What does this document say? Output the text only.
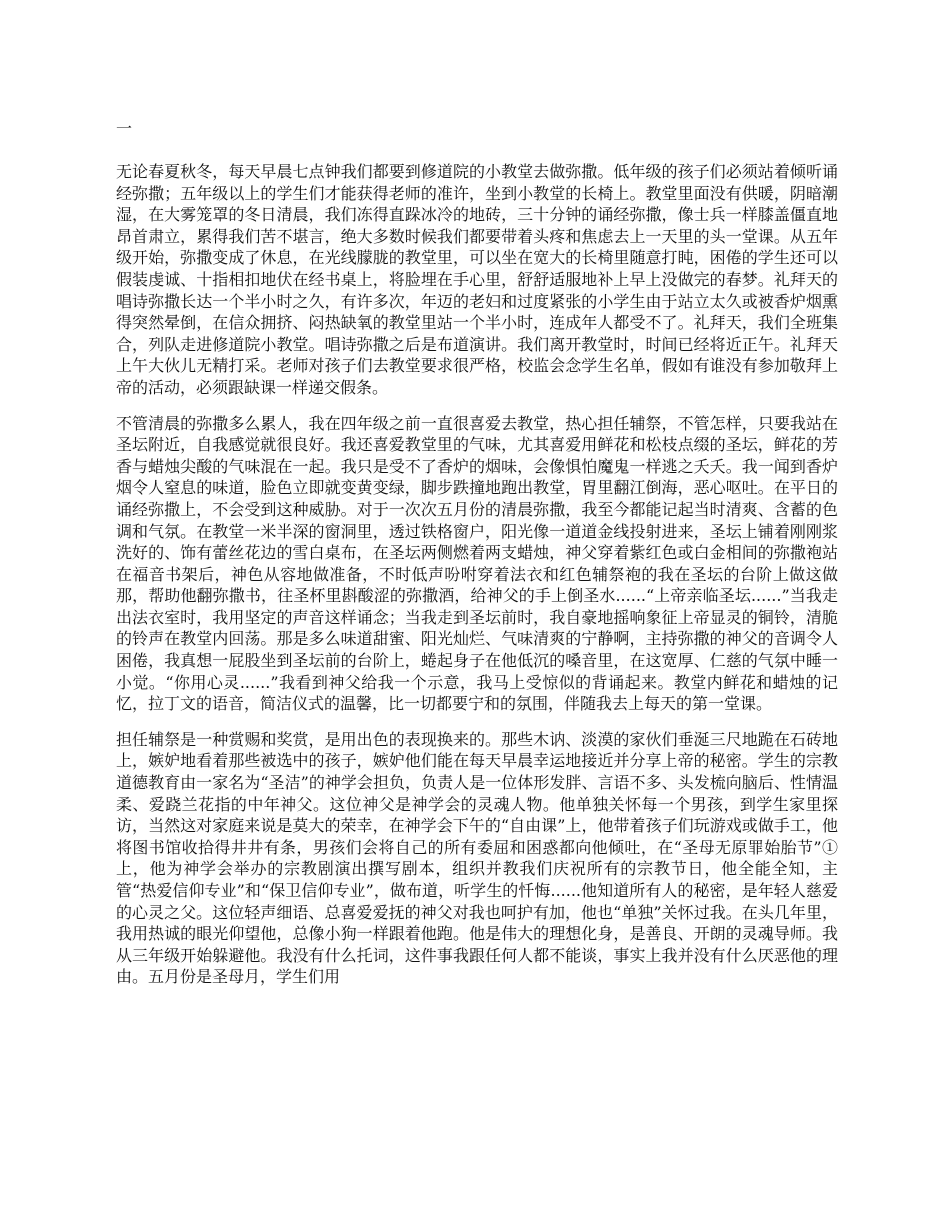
一

无论春夏秋冬，每天早晨七点钟我们都要到修道院的小教堂去做弥撒。低年级的孩子们必须站着倾听诵经弥撒；五年级以上的学生们才能获得老师的准许，坐到小教堂的长椅上。教堂里面没有供暖，阴暗潮湿，在大雾笼罩的冬日清晨，我们冻得直跺冰冷的地砖，三十分钟的诵经弥撒，像士兵一样膝盖僵直地昂首肃立，累得我们苦不堪言，绝大多数时候我们都要带着头疼和焦虑去上一天里的头一堂课。从五年级开始，弥撒变成了休息，在光线朦胧的教堂里，可以坐在宽大的长椅里随意打盹，困倦的学生还可以假装虔诚、十指相扣地伏在经书桌上，将脸埋在手心里，舒舒适服地补上早上没做完的春梦。礼拜天的唱诗弥撒长达一个半小时之久，有许多次，年迈的老妇和过度紧张的小学生由于站立太久或被香炉烟熏得突然晕倒，在信众拥挤、闷热缺氧的教堂里站一个半小时，连成年人都受不了。礼拜天，我们全班集合，列队走进修道院小教堂。唱诗弥撒之后是布道演讲。我们离开教堂时，时间已经将近正午。礼拜天上午大伙儿无精打采。老师对孩子们去教堂要求很严格，校监会念学生名单，假如有谁没有参加敬拜上帝的活动，必须跟缺课一样递交假条。

不管清晨的弥撒多么累人，我在四年级之前一直很喜爱去教堂，热心担任辅祭，不管怎样，只要我站在圣坛附近，自我感觉就很良好。我还喜爱教堂里的气味，尤其喜爱用鲜花和松枝点缀的圣坛，鲜花的芳香与蜡烛尖酸的气味混在一起。我只是受不了香炉的烟味，会像惧怕魔鬼一样逃之夭夭。我一闻到香炉烟令人窒息的味道，脸色立即就变黄变绿，脚步跌撞地跑出教堂，胃里翻江倒海，恶心呕吐。在平日的诵经弥撒上，不会受到这种威胁。对于一次次五月份的清晨弥撒，我至今都能记起当时清爽、含蓄的色调和气氛。在教堂一米半深的窗洞里，透过铁格窗户，阳光像一道道金线投射进来，圣坛上铺着刚刚浆洗好的、饰有蕾丝花边的雪白桌布，在圣坛两侧燃着两支蜡烛，神父穿着紫红色或白金相间的弥撒袍站在福音书架后，神色从容地做准备，不时低声吩咐穿着法衣和红色辅祭袍的我在圣坛的台阶上做这做那，帮助他翻弥撒书，往圣杯里斟酸涩的弥撒酒，给神父的手上倒圣水......“上帝亲临圣坛......”当我走出法衣室时，我用坚定的声音这样诵念；当我走到圣坛前时，我自豪地摇响象征上帝显灵的铜铃，清脆的铃声在教堂内回荡。那是多么味道甜蜜、阳光灿烂、气味清爽的宁静啊，主持弥撒的神父的音调令人困倦，我真想一屁股坐到圣坛前的台阶上，蜷起身子在他低沉的嗓音里，在这宽厚、仁慈的气氛中睡一小觉。“你用心灵......”我看到神父给我一个示意，我马上受惊似的背诵起来。教堂内鲜花和蜡烛的记忆，拉丁文的语音，简洁仪式的温馨，比一切都要宁和的氛围，伴随我去上每天的第一堂课。

担任辅祭是一种赏赐和奖赏，是用出色的表现换来的。那些木讷、淡漠的家伙们垂涎三尺地跪在石砖地上，嫉妒地看着那些被选中的孩子，嫉妒他们能在每天早晨幸运地接近并分享上帝的秘密。学生的宗教道德教育由一家名为“圣洁”的神学会担负，负责人是一位体形发胖、言语不多、头发梳向脑后、性情温柔、爱跷兰花指的中年神父。这位神父是神学会的灵魂人物。他单独关怀每一个男孩，到学生家里探访，当然这对家庭来说是莫大的荣幸，在神学会下午的“自由课”上，他带着孩子们玩游戏或做手工，他将图书馆收拾得井井有条，男孩们会将自己的所有委屈和困惑都向他倾吐，在“圣母无原罪始胎节”①上，他为神学会举办的宗教剧演出撰写剧本，组织并教我们庆祝所有的宗教节日，他全能全知，主管“热爱信仰专业”和“保卫信仰专业”，做布道，听学生的忏悔......他知道所有人的秘密，是年轻人慈爱的心灵之父。这位轻声细语、总喜爱爱抚的神父对我也呵护有加，他也“单独”关怀过我。在头几年里，我用热诚的眼光仰望他，总像小狗一样跟着他跑。他是伟大的理想化身，是善良、开朗的灵魂导师。我从三年级开始躲避他。我没有什么托词，这件事我跟任何人都不能谈，事实上我并没有什么厌恶他的理由。五月份是圣母月，学生们用
